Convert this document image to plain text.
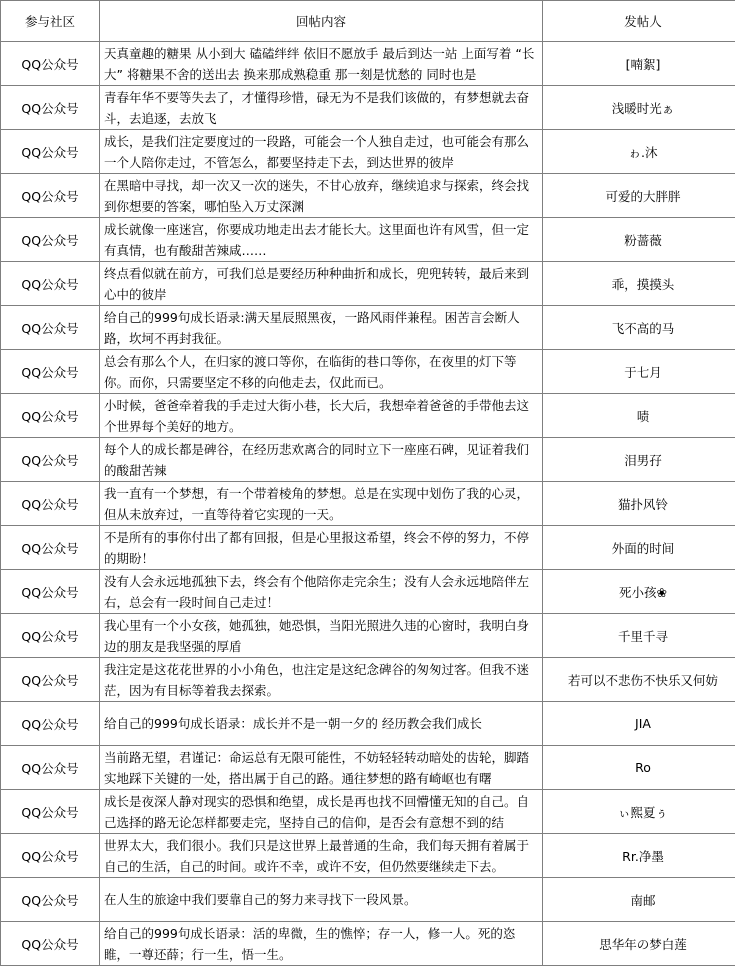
参与社区	回帖内容	发帖人
QQ公众号	天真童趣的糖果 从小到大 磕磕绊绊 依旧不愿放手 最后到达一站 上面写着 “长大” 将糖果不舍的送出去 换来那成熟稳重 那一刻是忧愁的 同时也是	[喃絮]
QQ公众号	青春年华不要等失去了，才懂得珍惜，碌无为不是我们该做的，有梦想就去奋斗，去追逐，去放飞	浅暖时光ぁ
QQ公众号	成长，是我们注定要度过的一段路，可能会一个人独自走过，也可能会有那么一个人陪你走过，不管怎么，都要坚持走下去，到达世界的彼岸	ゎ.沐
QQ公众号	在黑暗中寻找，却一次又一次的迷失，不甘心放弃，继续追求与探索，终会找到你想要的答案，哪怕坠入万丈深渊	可爱的大胖胖
QQ公众号	成长就像一座迷宫，你要成功地走出去才能长大。这里面也许有风雪，但一定有真情，也有酸甜苦辣咸……	粉蔷薇
QQ公众号	终点看似就在前方，可我们总是要经历种种曲折和成长，兜兜转转，最后来到心中的彼岸	乖，摸摸头
QQ公众号	给自己的999句成长语录:满天星辰照黑夜，一路风雨伴兼程。困苦言会断人路，坎坷不再封我征。	飞不高的马
QQ公众号	总会有那么个人，在归家的渡口等你，在临街的巷口等你，在夜里的灯下等你。而你，只需要坚定不移的向他走去，仅此而已。	于七月
QQ公众号	小时候，爸爸牵着我的手走过大街小巷，长大后，我想牵着爸爸的手带他去这个世界每个美好的地方。	啧
QQ公众号	每个人的成长都是碑谷，在经历悲欢离合的同时立下一座座石碑，见证着我们的酸甜苦辣	泪男孖
QQ公众号	我一直有一个梦想，有一个带着棱角的梦想。总是在实现中划伤了我的心灵，但从未放弃过，一直等待着它实现的一天。	猫扑风铃
QQ公众号	不是所有的事你付出了都有回报，但是心里报这希望，终会不停的努力，不停的期盼！	外面的时间
QQ公众号	没有人会永远地孤独下去，终会有个他陪你走完余生；没有人会永远地陪伴左右，总会有一段时间自己走过！	死小孩❀
QQ公众号	我心里有一个小女孩，她孤独，她恐惧，当阳光照进久违的心窗时，我明白身边的朋友是我坚强的厚盾	千里千寻
QQ公众号	我注定是这花花世界的小小角色，也注定是这纪念碑谷的匆匆过客。但我不迷茫，因为有目标等着我去探索。	若可以不悲伤不快乐又何妨
QQ公众号	给自己的999句成长语录：成长并不是一朝一夕的 经历教会我们成长	JIA
QQ公众号	当前路无望，君谨记：命运总有无限可能性，不妨轻轻转动暗处的齿轮，脚踏实地踩下关键的一处，搭出属于自己的路。通往梦想的路有崎岖也有曙	Ro
QQ公众号	成长是夜深人静对现实的恐惧和绝望，成长是再也找不回懵懂无知的自己。自己选择的路无论怎样都要走完，坚持自己的信仰，是否会有意想不到的结	ぃ熙夏ぅ
QQ公众号	世界太大，我们很小。我们只是这世界上最普通的生命，我们每天拥有着属于自己的生活，自己的时间。或许不幸，或许不安，但仍然要继续走下去。	Rr.净墨
QQ公众号	在人生的旅途中我们要靠自己的努力来寻找下一段风景。	南邮
QQ公众号	给自己的999句成长语录：活的卑微，生的憔悴；存一人，修一人。死的恣睢，一尊还薛；行一生，悟一生。	思华年の梦白莲
